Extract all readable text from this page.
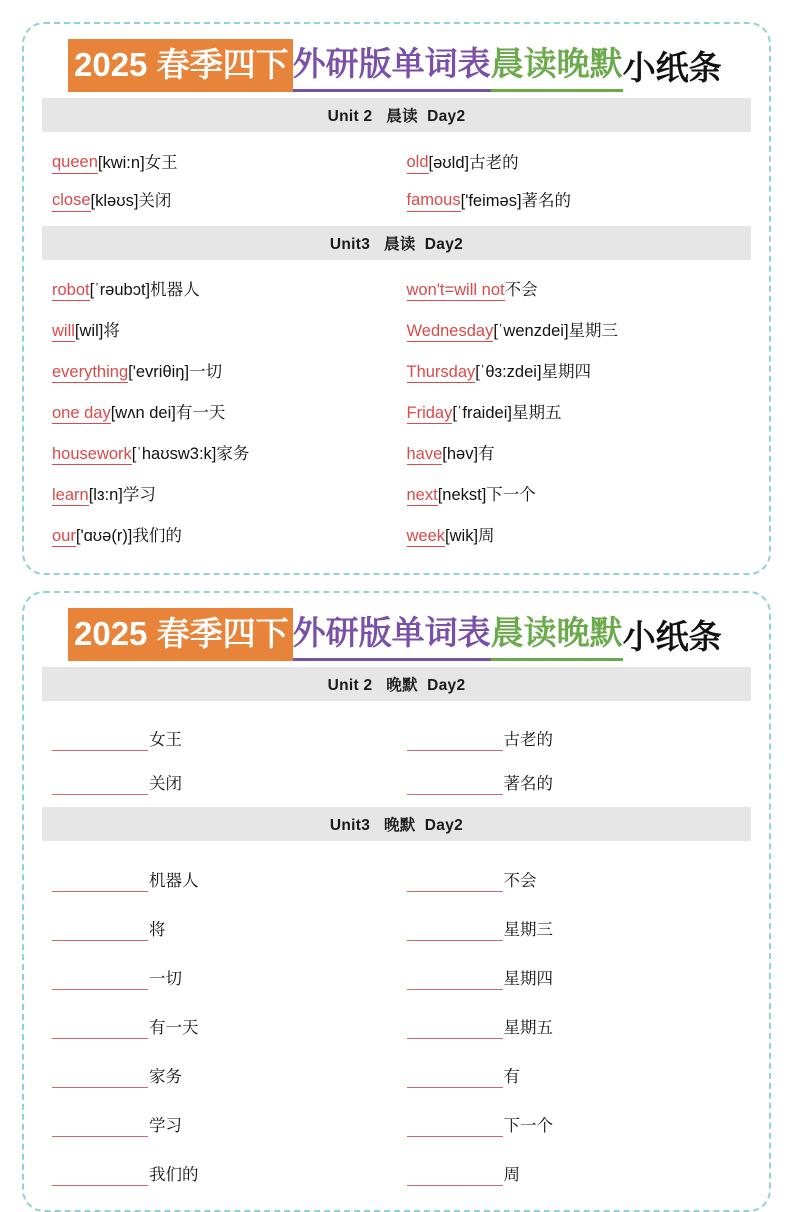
2025 春季四下 外研版单词表 晨读晚默 小纸条
Unit 2   晨读  Day2
queen [kwi:n] 女王	old [əʊld] 古老的
close [kləʊs] 关闭	famous ['feiməs] 著名的
Unit3   晨读  Day2
robot [ˈrəubɔt] 机器人	won't=will not 不会
will [wil] 将	Wednesday [ˈwenzdei] 星期三
everything ['evriθiŋ] 一切	Thursday [ˈθɜ:zdei] 星期四
one day [wʌn dei] 有一天	Friday [ˈfraidei] 星期五
housework [ˈhaʊsw3:k] 家务	have [həv] 有
learn [lɜ:n] 学习	next [nekst] 下一个
our ['ɑʊə(r)] 我们的	week [wik] 周
2025 春季四下 外研版单词表 晨读晚默 小纸条
Unit 2   晚默  Day2
女王	古老的
关闭	著名的
Unit3   晚默  Day2
机器人	不会
将	星期三
一切	星期四
有一天	星期五
家务	有
学习	下一个
我们的	周
